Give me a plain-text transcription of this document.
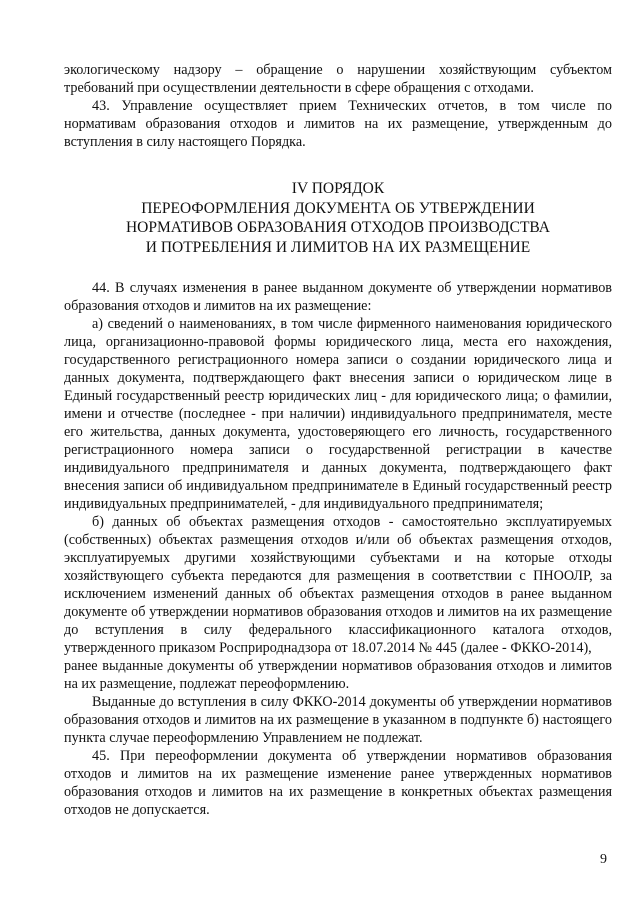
экологическому надзору – обращение о нарушении хозяйствующим субъектом требований при осуществлении деятельности в сфере обращения с отходами.

43. Управление осуществляет прием Технических отчетов, в том числе по нормативам образования отходов и лимитов на их размещение, утвержденным до вступления в силу настоящего Порядка.

IV ПОРЯДОК
ПЕРЕОФОРМЛЕНИЯ ДОКУМЕНТА ОБ УТВЕРЖДЕНИИ
НОРМАТИВОВ ОБРАЗОВАНИЯ ОТХОДОВ ПРОИЗВОДСТВА
И ПОТРЕБЛЕНИЯ И ЛИМИТОВ НА ИХ РАЗМЕЩЕНИЕ

44. В случаях изменения в ранее выданном документе об утверждении нормативов образования отходов и лимитов на их размещение:

а) сведений о наименованиях, в том числе фирменного наименования юридического лица, организационно-правовой формы юридического лица, места его нахождения, государственного регистрационного номера записи о создании юридического лица и данных документа, подтверждающего факт внесения записи о юридическом лице в Единый государственный реестр юридических лиц - для юридического лица; о фамилии, имени и отчестве (последнее - при наличии) индивидуального предпринимателя, месте его жительства, данных документа, удостоверяющего его личность, государственного регистрационного номера записи о государственной регистрации в качестве индивидуального предпринимателя и данных документа, подтверждающего факт внесения записи об индивидуальном предпринимателе в Единый государственный реестр индивидуальных предпринимателей, - для индивидуального предпринимателя;

б) данных об объектах размещения отходов - самостоятельно эксплуатируемых (собственных) объектах размещения отходов и/или об объектах размещения отходов, эксплуатируемых другими хозяйствующими субъектами и на которые отходы хозяйствующего субъекта передаются для размещения в соответствии с ПНООЛР, за исключением изменений данных об объектах размещения отходов в ранее выданном документе об утверждении нормативов образования отходов и лимитов на их размещение до вступления в силу федерального классификационного каталога отходов, утвержденного приказом Росприроднадзора от 18.07.2014 № 445 (далее - ФККО-2014),

ранее выданные документы об утверждении нормативов образования отходов и лимитов на их размещение, подлежат переоформлению.

Выданные до вступления в силу ФККО-2014 документы об утверждении нормативов образования отходов и лимитов на их размещение в указанном в подпункте б) настоящего пункта случае переоформлению Управлением не подлежат.

45. При переоформлении документа об утверждении нормативов образования отходов и лимитов на их размещение изменение ранее утвержденных нормативов образования отходов и лимитов на их размещение в конкретных объектах размещения отходов не допускается.

9
